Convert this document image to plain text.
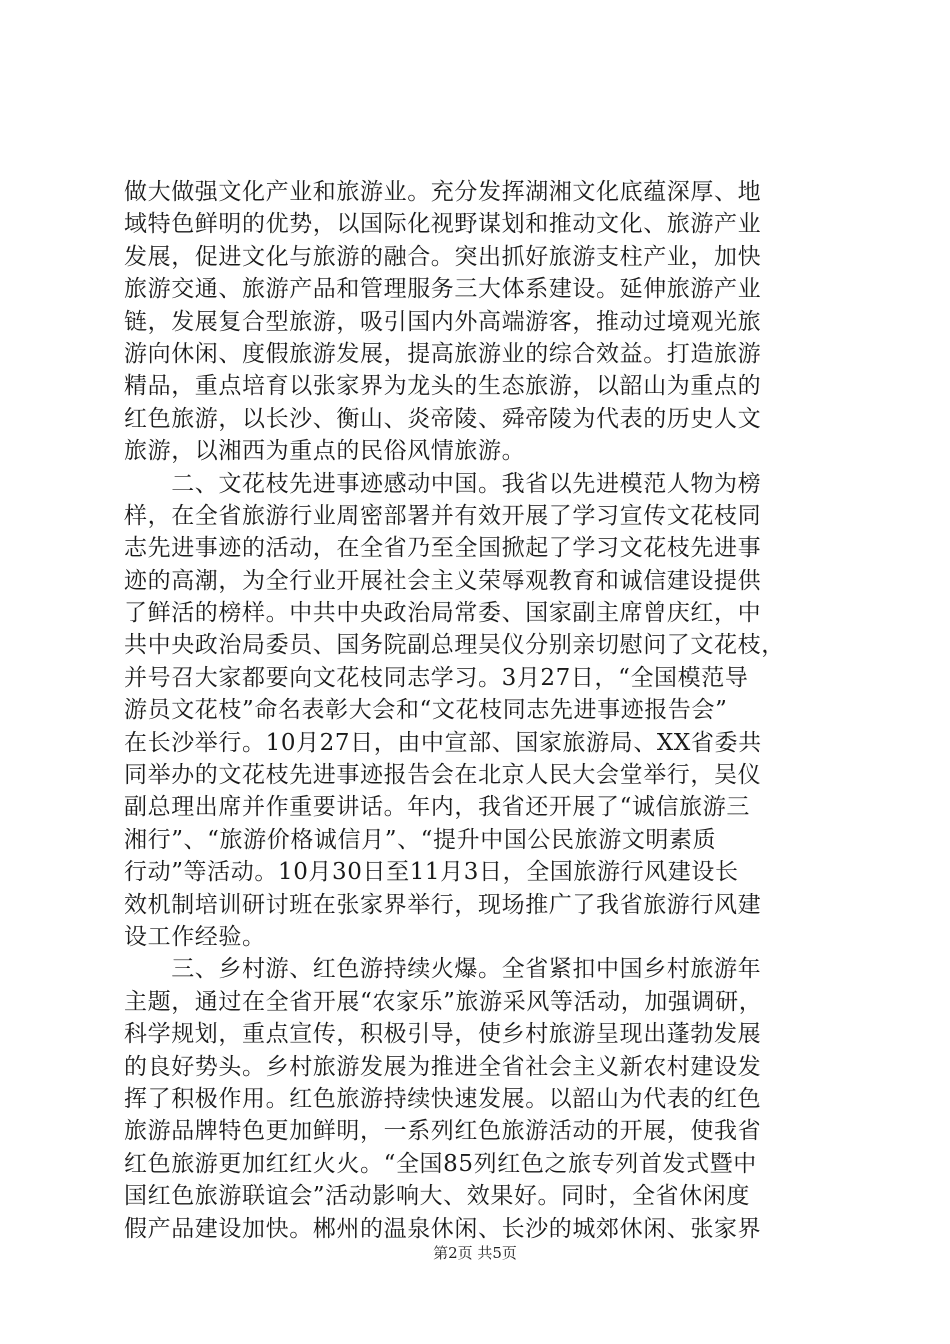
做大做强文化产业和旅游业。充分发挥湖湘文化底蕴深厚、地
域特色鲜明的优势，以国际化视野谋划和推动文化、旅游产业
发展，促进文化与旅游的融合。突出抓好旅游支柱产业，加快
旅游交通、旅游产品和管理服务三大体系建设。延伸旅游产业
链，发展复合型旅游，吸引国内外高端游客，推动过境观光旅
游向休闲、度假旅游发展，提高旅游业的综合效益。打造旅游
精品，重点培育以张家界为龙头的生态旅游，以韶山为重点的
红色旅游，以长沙、衡山、炎帝陵、舜帝陵为代表的历史人文
旅游，以湘西为重点的民俗风情旅游。
　　二、文花枝先进事迹感动中国。我省以先进模范人物为榜
样，在全省旅游行业周密部署并有效开展了学习宣传文花枝同
志先进事迹的活动，在全省乃至全国掀起了学习文花枝先进事
迹的高潮，为全行业开展社会主义荣辱观教育和诚信建设提供
了鲜活的榜样。中共中央政治局常委、国家副主席曾庆红，中
共中央政治局委员、国务院副总理吴仪分别亲切慰问了文花枝，
并号召大家都要向文花枝同志学习。3月27日，“全国模范导
游员文花枝”命名表彰大会和“文花枝同志先进事迹报告会”
在长沙举行。10月27日，由中宣部、国家旅游局、XX省委共
同举办的文花枝先进事迹报告会在北京人民大会堂举行，吴仪
副总理出席并作重要讲话。年内，我省还开展了“诚信旅游三
湘行”、“旅游价格诚信月”、“提升中国公民旅游文明素质
行动”等活动。10月30日至11月3日，全国旅游行风建设长
效机制培训研讨班在张家界举行，现场推广了我省旅游行风建
设工作经验。
　　三、乡村游、红色游持续火爆。全省紧扣中国乡村旅游年
主题，通过在全省开展“农家乐”旅游采风等活动，加强调研，
科学规划，重点宣传，积极引导，使乡村旅游呈现出蓬勃发展
的良好势头。乡村旅游发展为推进全省社会主义新农村建设发
挥了积极作用。红色旅游持续快速发展。以韶山为代表的红色
旅游品牌特色更加鲜明，一系列红色旅游活动的开展，使我省
红色旅游更加红红火火。“全国85列红色之旅专列首发式暨中
国红色旅游联谊会”活动影响大、效果好。同时，全省休闲度
假产品建设加快。郴州的温泉休闲、长沙的城郊休闲、张家界
第2页 共5页
